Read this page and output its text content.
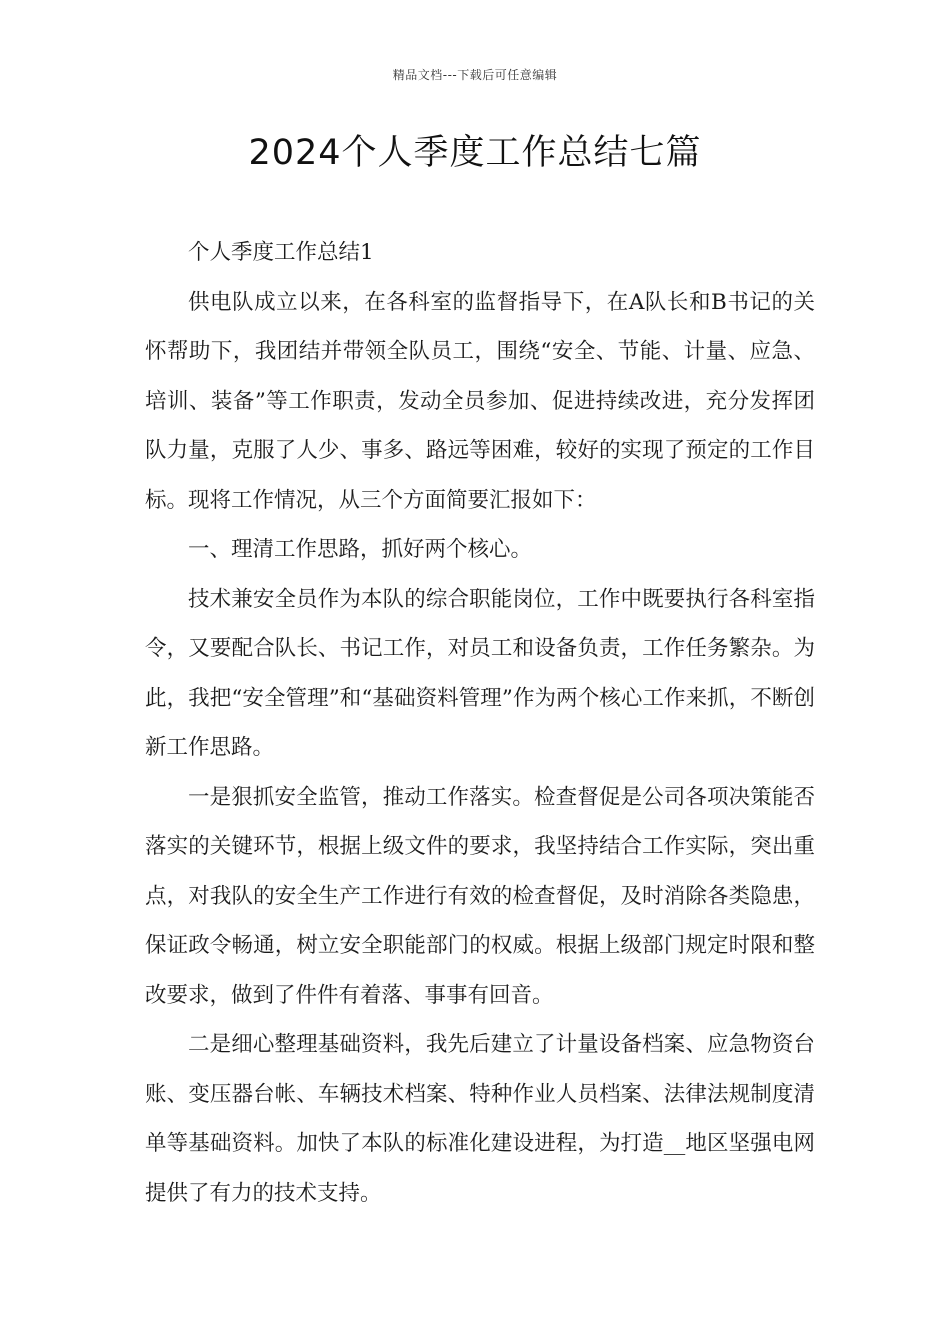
精品文档---下载后可任意编辑
2024个人季度工作总结七篇

个人季度工作总结1

供电队成立以来，在各科室的监督指导下，在A队长和B书记的关怀帮助下，我团结并带领全队员工，围绕“安全、节能、计量、应急、培训、装备”等工作职责，发动全员参加、促进持续改进，充分发挥团队力量，克服了人少、事多、路远等困难，较好的实现了预定的工作目标。现将工作情况，从三个方面简要汇报如下：

一、理清工作思路，抓好两个核心。

技术兼安全员作为本队的综合职能岗位，工作中既要执行各科室指令，又要配合队长、书记工作，对员工和设备负责，工作任务繁杂。为此，我把“安全管理”和“基础资料管理”作为两个核心工作来抓，不断创新工作思路。

一是狠抓安全监管，推动工作落实。检查督促是公司各项决策能否落实的关键环节，根据上级文件的要求，我坚持结合工作实际，突出重点，对我队的安全生产工作进行有效的检查督促，及时消除各类隐患，保证政令畅通，树立安全职能部门的权威。根据上级部门规定时限和整改要求，做到了件件有着落、事事有回音。

二是细心整理基础资料，我先后建立了计量设备档案、应急物资台账、变压器台帐、车辆技术档案、特种作业人员档案、法律法规制度清单等基础资料。加快了本队的标准化建设进程，为打造__地区坚强电网提供了有力的技术支持。
